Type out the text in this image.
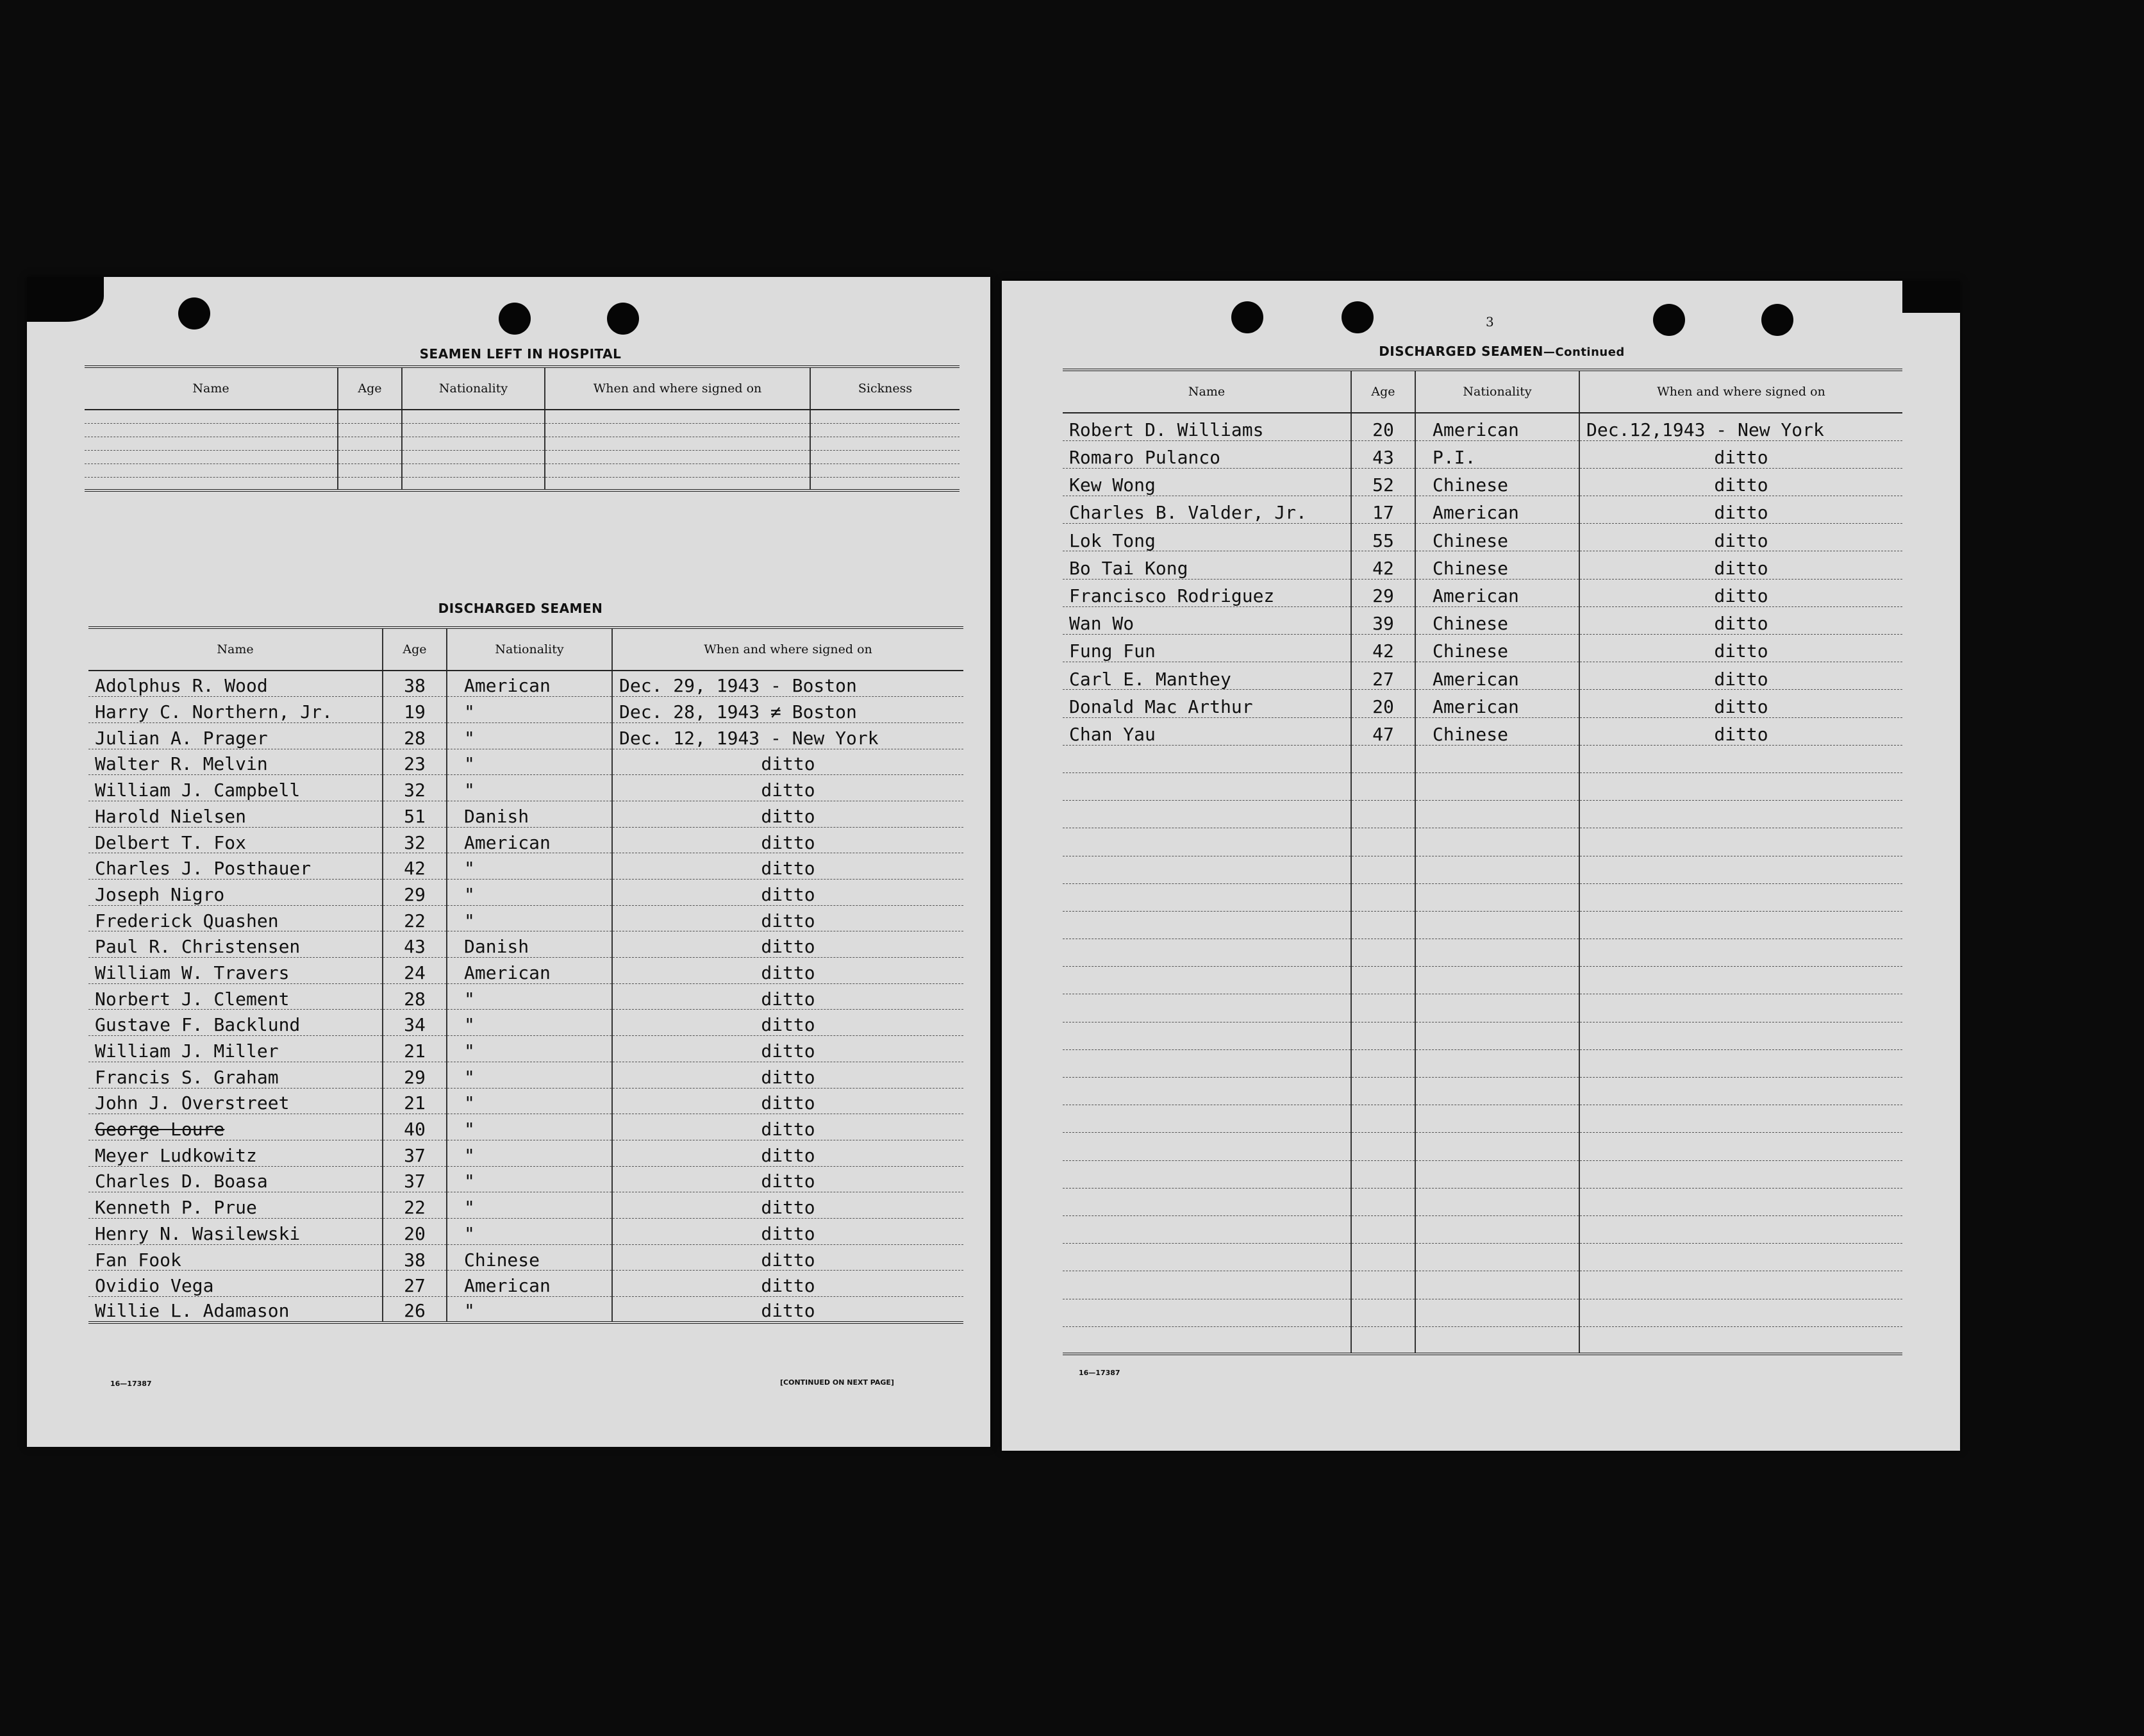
SEAMEN LEFT IN HOSPITAL
Name	Age	Nationality	When and where signed on	Sickness

DISCHARGED SEAMEN
Name	Age	Nationality	When and where signed on
Adolphus R. Wood	38	American	Dec. 29, 1943 - Boston
Harry C. Northern, Jr.	19	"	Dec. 28, 1943 ≠ Boston
Julian A. Prager	28	"	Dec. 12, 1943 - New York
Walter R. Melvin	23	"	ditto
William J. Campbell	32	"	ditto
Harold Nielsen	51	Danish	ditto
Delbert T. Fox	32	American	ditto
Charles J. Posthauer	42	"	ditto
Joseph Nigro	29	"	ditto
Frederick Quashen	22	"	ditto
Paul R. Christensen	43	Danish	ditto
William W. Travers	24	American	ditto
Norbert J. Clement	28	"	ditto
Gustave F. Backlund	34	"	ditto
William J. Miller	21	"	ditto
Francis S. Graham	29	"	ditto
John J. Overstreet	21	"	ditto
George Loure	40	"	ditto
Meyer Ludkowitz	37	"	ditto
Charles D. Boasa	37	"	ditto
Kenneth P. Prue	22	"	ditto
Henry N. Wasilewski	20	"	ditto
Fan Fook	38	Chinese	ditto
Ovidio Vega	27	American	ditto
Willie L. Adamason	26	"	ditto
16—17387	[CONTINUED ON NEXT PAGE]
3
DISCHARGED SEAMEN—Continued
Name	Age	Nationality	When and where signed on
Robert D. Williams	20	American	Dec.12,1943 - New York
Romaro Pulanco	43	P.I.	ditto
Kew Wong	52	Chinese	ditto
Charles B. Valder, Jr.	17	American	ditto
Lok Tong	55	Chinese	ditto
Bo Tai Kong	42	Chinese	ditto
Francisco Rodriguez	29	American	ditto
Wan Wo	39	Chinese	ditto
Fung Fun	42	Chinese	ditto
Carl E. Manthey	27	American	ditto
Donald Mac Arthur	20	American	ditto
Chan Yau	47	Chinese	ditto

16—17387
